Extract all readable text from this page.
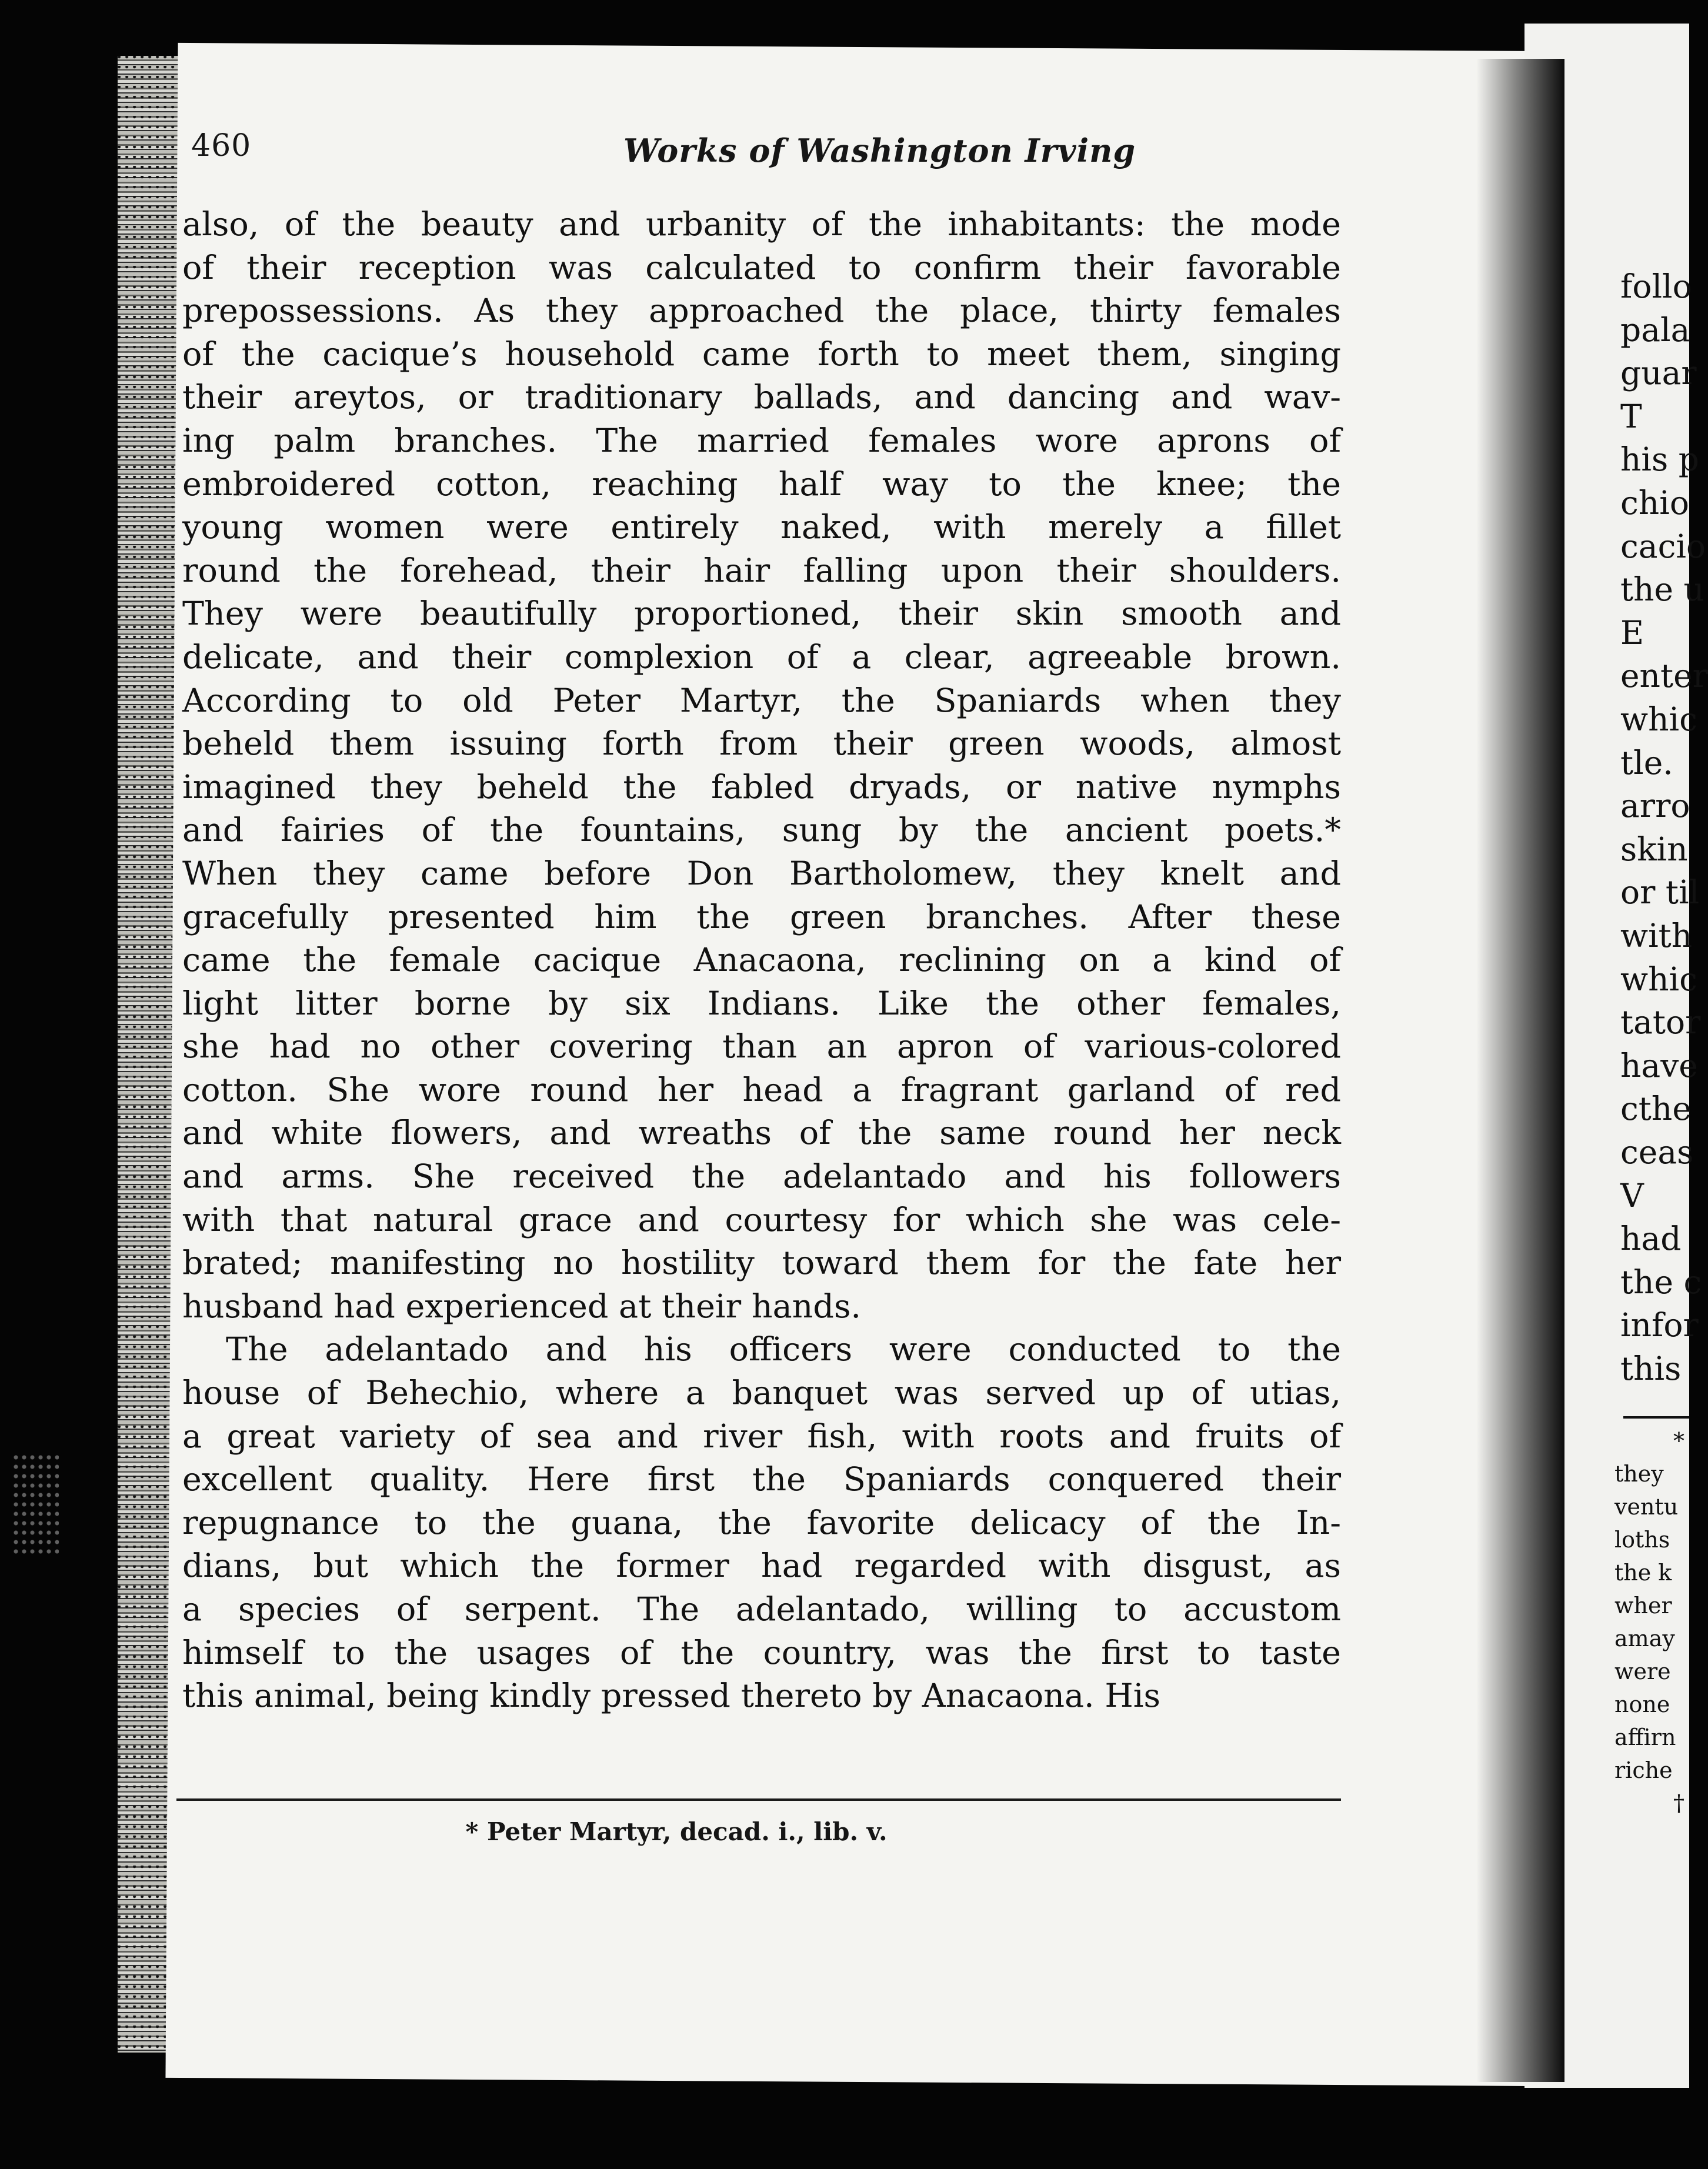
460	Works of Washington Irving
also, of the beauty and urbanity of the inhabitants: the mode
of their reception was calculated to confirm their favorable
prepossessions. As they approached the place, thirty females
of the cacique’s household came forth to meet them, singing
their areytos, or traditionary ballads, and dancing and wav-
ing palm branches. The married females wore aprons of
embroidered cotton, reaching half way to the knee; the
young women were entirely naked, with merely a fillet
round the forehead, their hair falling upon their shoulders.
They were beautifully proportioned, their skin smooth and
delicate, and their complexion of a clear, agreeable brown.
According to old Peter Martyr, the Spaniards when they
beheld them issuing forth from their green woods, almost
imagined they beheld the fabled dryads, or native nymphs
and fairies of the fountains, sung by the ancient poets.*
When they came before Don Bartholomew, they knelt and
gracefully presented him the green branches. After these
came the female cacique Anacaona, reclining on a kind of
light litter borne by six Indians. Like the other females,
she had no other covering than an apron of various-colored
cotton. She wore round her head a fragrant garland of red
and white flowers, and wreaths of the same round her neck
and arms. She received the adelantado and his followers
with that natural grace and courtesy for which she was cele-
brated; manifesting no hostility toward them for the fate her
husband had experienced at their hands.
The adelantado and his officers were conducted to the
house of Behechio, where a banquet was served up of utias,
a great variety of sea and river fish, with roots and fruits of
excellent quality. Here first the Spaniards conquered their
repugnance to the guana, the favorite delicacy of the In-
dians, but which the former had regarded with disgust, as
a species of serpent. The adelantado, willing to accustom
himself to the usages of the country, was the first to taste
this animal, being kindly pressed thereto by Anacaona. His
* Peter Martyr, decad. i., lib. v.
follo
pala
guar
T
his p
chio
cacio
the u
E
enter
whic
tle.
arro
skin
or til
with
whic
tator
have
cthe
ceas
V
had
the c
infor
this
*
they
ventu
loths
the k
wher
amay
were
none
affirn
riche
†
